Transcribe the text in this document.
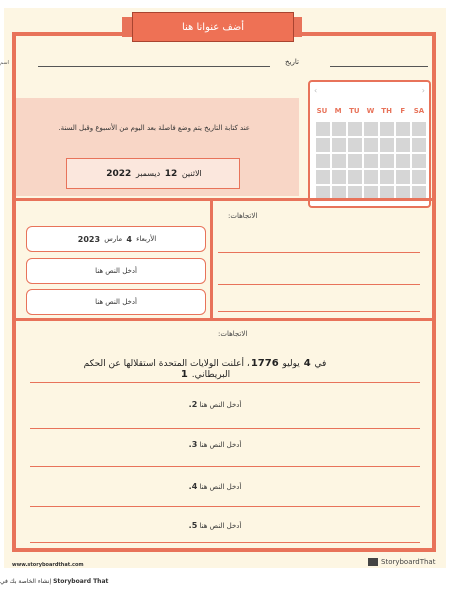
أضف عنوانا هنا
اسم	تاريخ
عند كتابة التاريخ يتم وضع فاصلة بعد اليوم من الأسبوع وقبل السنة.
الاثنين

12

ديسمبر

2022
‹	›
SU	M	TU	W TH	F	SA
الاتجاهات:
الأربعاء

4

مارس

2023
أدخل النص هنا
أدخل النص هنا
الاتجاهات:
في 4 يوليو 1776، أعلنت الولايات المتحدة استقلالها عن الحكم البريطاني. 1
أدخل النص هنا 2.
أدخل النص هنا 3.
أدخل النص هنا 4.
أدخل النص هنا 5.
www.storyboardthat.com	StoryboardThat
إنشاء الخاصة بك في Storyboard That
